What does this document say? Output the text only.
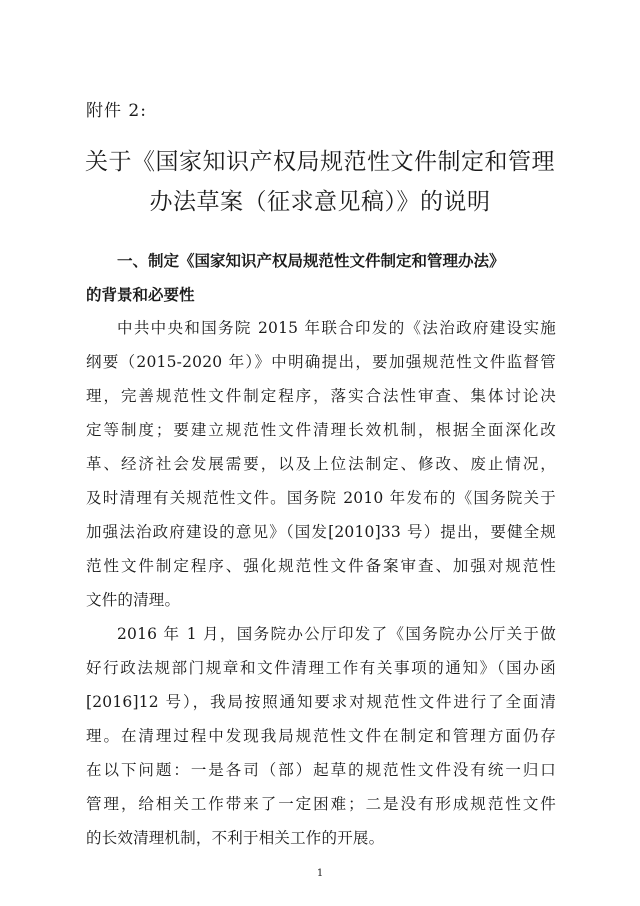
附件 2:
关于《国家知识产权局规范性文件制定和管理
办法草案（征求意见稿）》的说明
一、制定《国家知识产权局规范性文件制定和管理办法》
的背景和必要性
中共中央和国务院 2015 年联合印发的《法治政府建设实施
纲要（2015-2020 年）》中明确提出，要加强规范性文件监督管
理，完善规范性文件制定程序，落实合法性审查、集体讨论决
定等制度；要建立规范性文件清理长效机制，根据全面深化改
革、经济社会发展需要，以及上位法制定、修改、废止情况，
及时清理有关规范性文件。国务院 2010 年发布的《国务院关于
加强法治政府建设的意见》（国发[2010]33 号）提出，要健全规
范性文件制定程序、强化规范性文件备案审查、加强对规范性
文件的清理。
2016 年 1 月，国务院办公厅印发了《国务院办公厅关于做
好行政法规部门规章和文件清理工作有关事项的通知》（国办函
[2016]12 号），我局按照通知要求对规范性文件进行了全面清
理。在清理过程中发现我局规范性文件在制定和管理方面仍存
在以下问题：一是各司（部）起草的规范性文件没有统一归口
管理，给相关工作带来了一定困难；二是没有形成规范性文件
的长效清理机制，不利于相关工作的开展。
1
